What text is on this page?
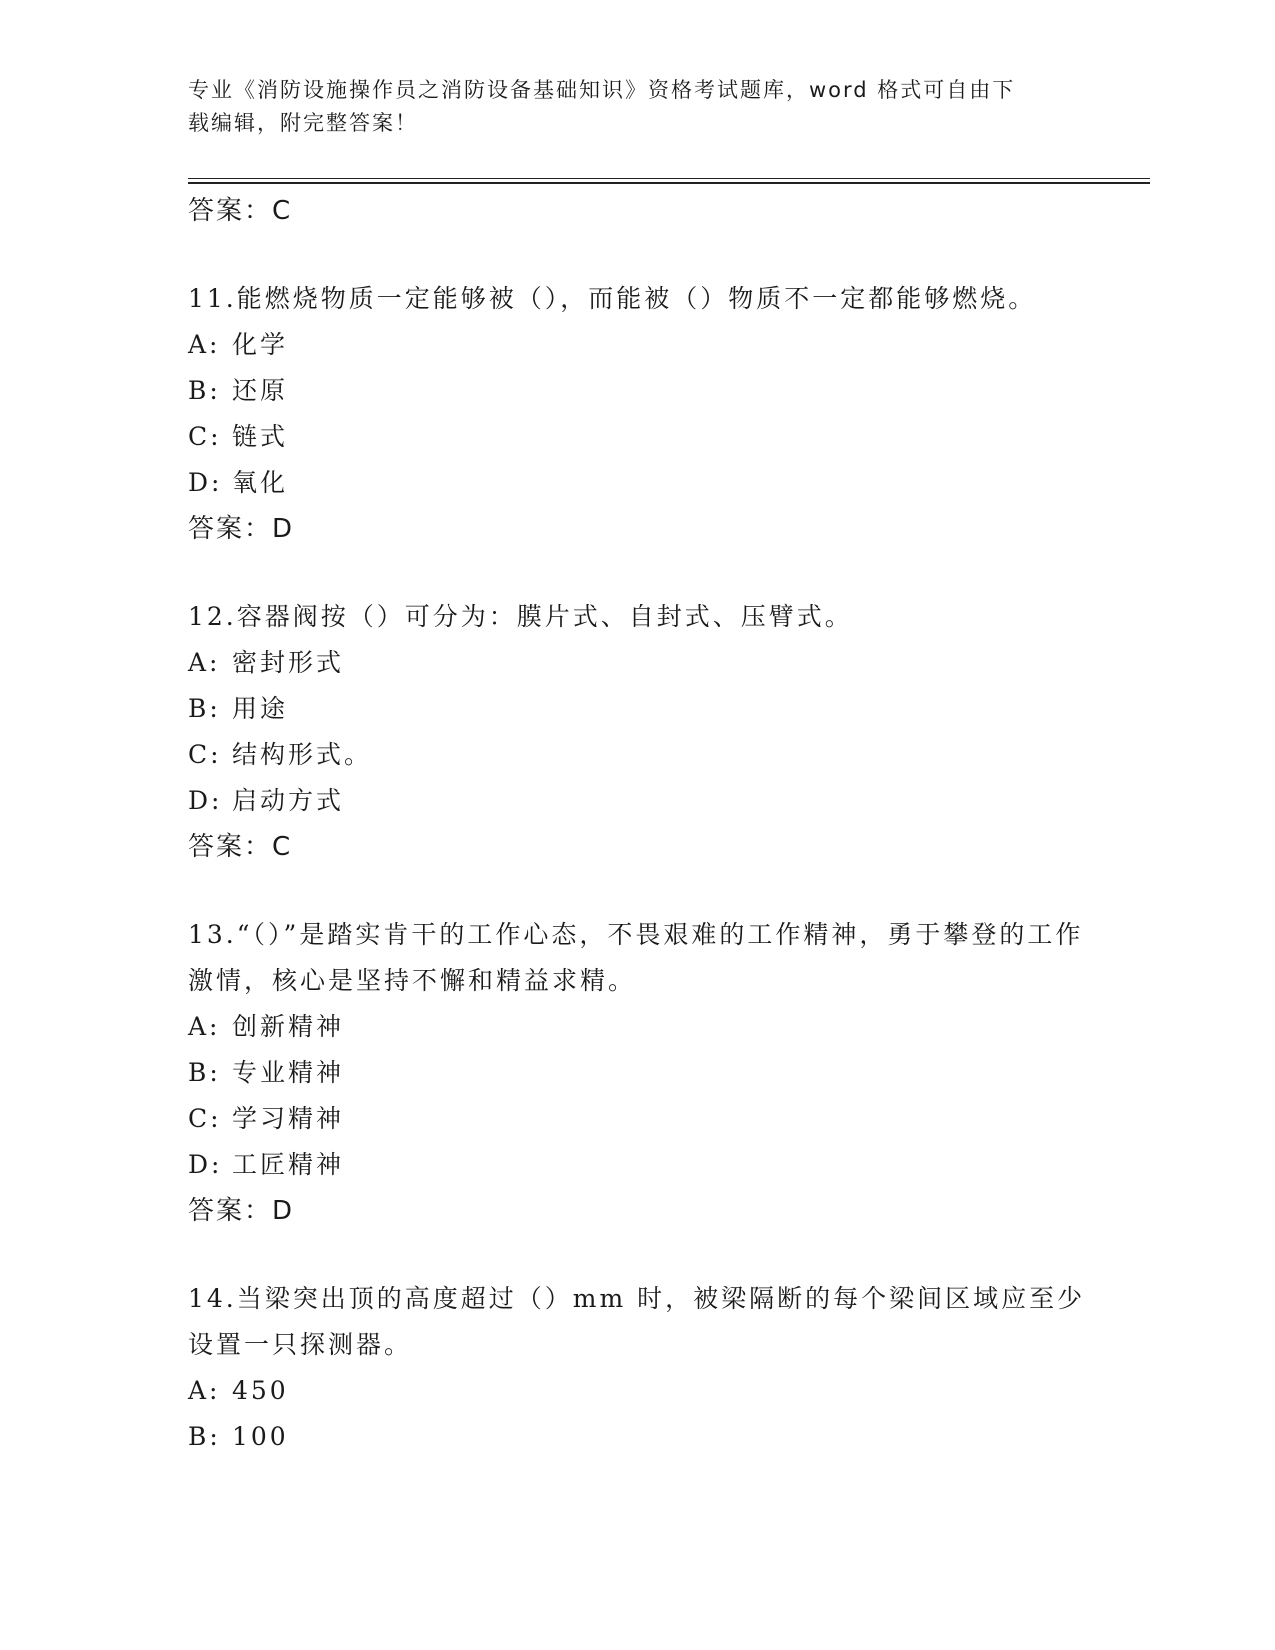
专业《消防设施操作员之消防设备基础知识》资格考试题库，word 格式可自由下
载编辑，附完整答案！
答案：C
11.能燃烧物质一定能够被（），而能被（）物质不一定都能够燃烧。
A: 化学
B: 还原
C: 链式
D: 氧化
答案：D
12.容器阀按（）可分为：膜片式、自封式、压臂式。
A: 密封形式
B: 用途
C: 结构形式。
D: 启动方式
答案：C
13.“（）”是踏实肯干的工作心态，不畏艰难的工作精神，勇于攀登的工作激情，核心是坚持不懈和精益求精。
A: 创新精神
B: 专业精神
C: 学习精神
D: 工匠精神
答案：D
14.当梁突出顶的高度超过（）mm 时，被梁隔断的每个梁间区域应至少设置一只探测器。
A: 450
B: 100
